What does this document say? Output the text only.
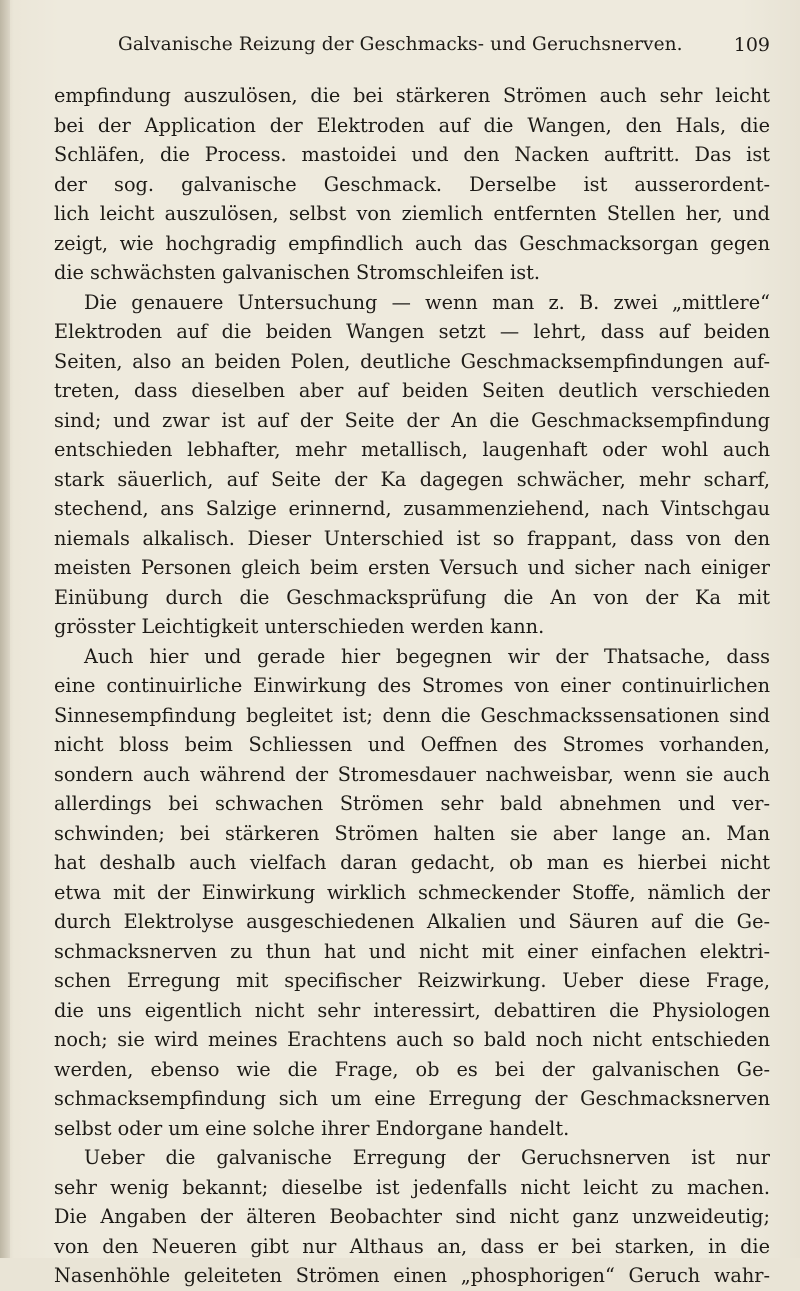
Galvanische Reizung der Geschmacks- und Geruchsnerven.	109
empfindung auszulösen, die bei stärkeren Strömen auch sehr leicht
bei der Application der Elektroden auf die Wangen, den Hals, die
Schläfen, die Process. mastoidei und den Nacken auftritt. Das ist
der sog. galvanische Geschmack. Derselbe ist ausserordent-
lich leicht auszulösen, selbst von ziemlich entfernten Stellen her, und
zeigt, wie hochgradig empfindlich auch das Geschmacksorgan gegen
die schwächsten galvanischen Stromschleifen ist.
Die genauere Untersuchung — wenn man z. B. zwei „mittlere“
Elektroden auf die beiden Wangen setzt — lehrt, dass auf beiden
Seiten, also an beiden Polen, deutliche Geschmacksempfindungen auf-
treten, dass dieselben aber auf beiden Seiten deutlich verschieden
sind; und zwar ist auf der Seite der An die Geschmacksempfindung
entschieden lebhafter, mehr metallisch, laugenhaft oder wohl auch
stark säuerlich, auf Seite der Ka dagegen schwächer, mehr scharf,
stechend, ans Salzige erinnernd, zusammenziehend, nach Vintschgau
niemals alkalisch. Dieser Unterschied ist so frappant, dass von den
meisten Personen gleich beim ersten Versuch und sicher nach einiger
Einübung durch die Geschmacksprüfung die An von der Ka mit
grösster Leichtigkeit unterschieden werden kann.
Auch hier und gerade hier begegnen wir der Thatsache, dass
eine continuirliche Einwirkung des Stromes von einer continuirlichen
Sinnesempfindung begleitet ist; denn die Geschmackssensationen sind
nicht bloss beim Schliessen und Oeffnen des Stromes vorhanden,
sondern auch während der Stromesdauer nachweisbar, wenn sie auch
allerdings bei schwachen Strömen sehr bald abnehmen und ver-
schwinden; bei stärkeren Strömen halten sie aber lange an. Man
hat deshalb auch vielfach daran gedacht, ob man es hierbei nicht
etwa mit der Einwirkung wirklich schmeckender Stoffe, nämlich der
durch Elektrolyse ausgeschiedenen Alkalien und Säuren auf die Ge-
schmacksnerven zu thun hat und nicht mit einer einfachen elektri-
schen Erregung mit specifischer Reizwirkung. Ueber diese Frage,
die uns eigentlich nicht sehr interessirt, debattiren die Physiologen
noch; sie wird meines Erachtens auch so bald noch nicht entschieden
werden, ebenso wie die Frage, ob es bei der galvanischen Ge-
schmacksempfindung sich um eine Erregung der Geschmacksnerven
selbst oder um eine solche ihrer Endorgane handelt.
Ueber die galvanische Erregung der Geruchsnerven ist nur
sehr wenig bekannt; dieselbe ist jedenfalls nicht leicht zu machen.
Die Angaben der älteren Beobachter sind nicht ganz unzweideutig;
von den Neueren gibt nur Althaus an, dass er bei starken, in die
Nasenhöhle geleiteten Strömen einen „phosphorigen“ Geruch wahr-
